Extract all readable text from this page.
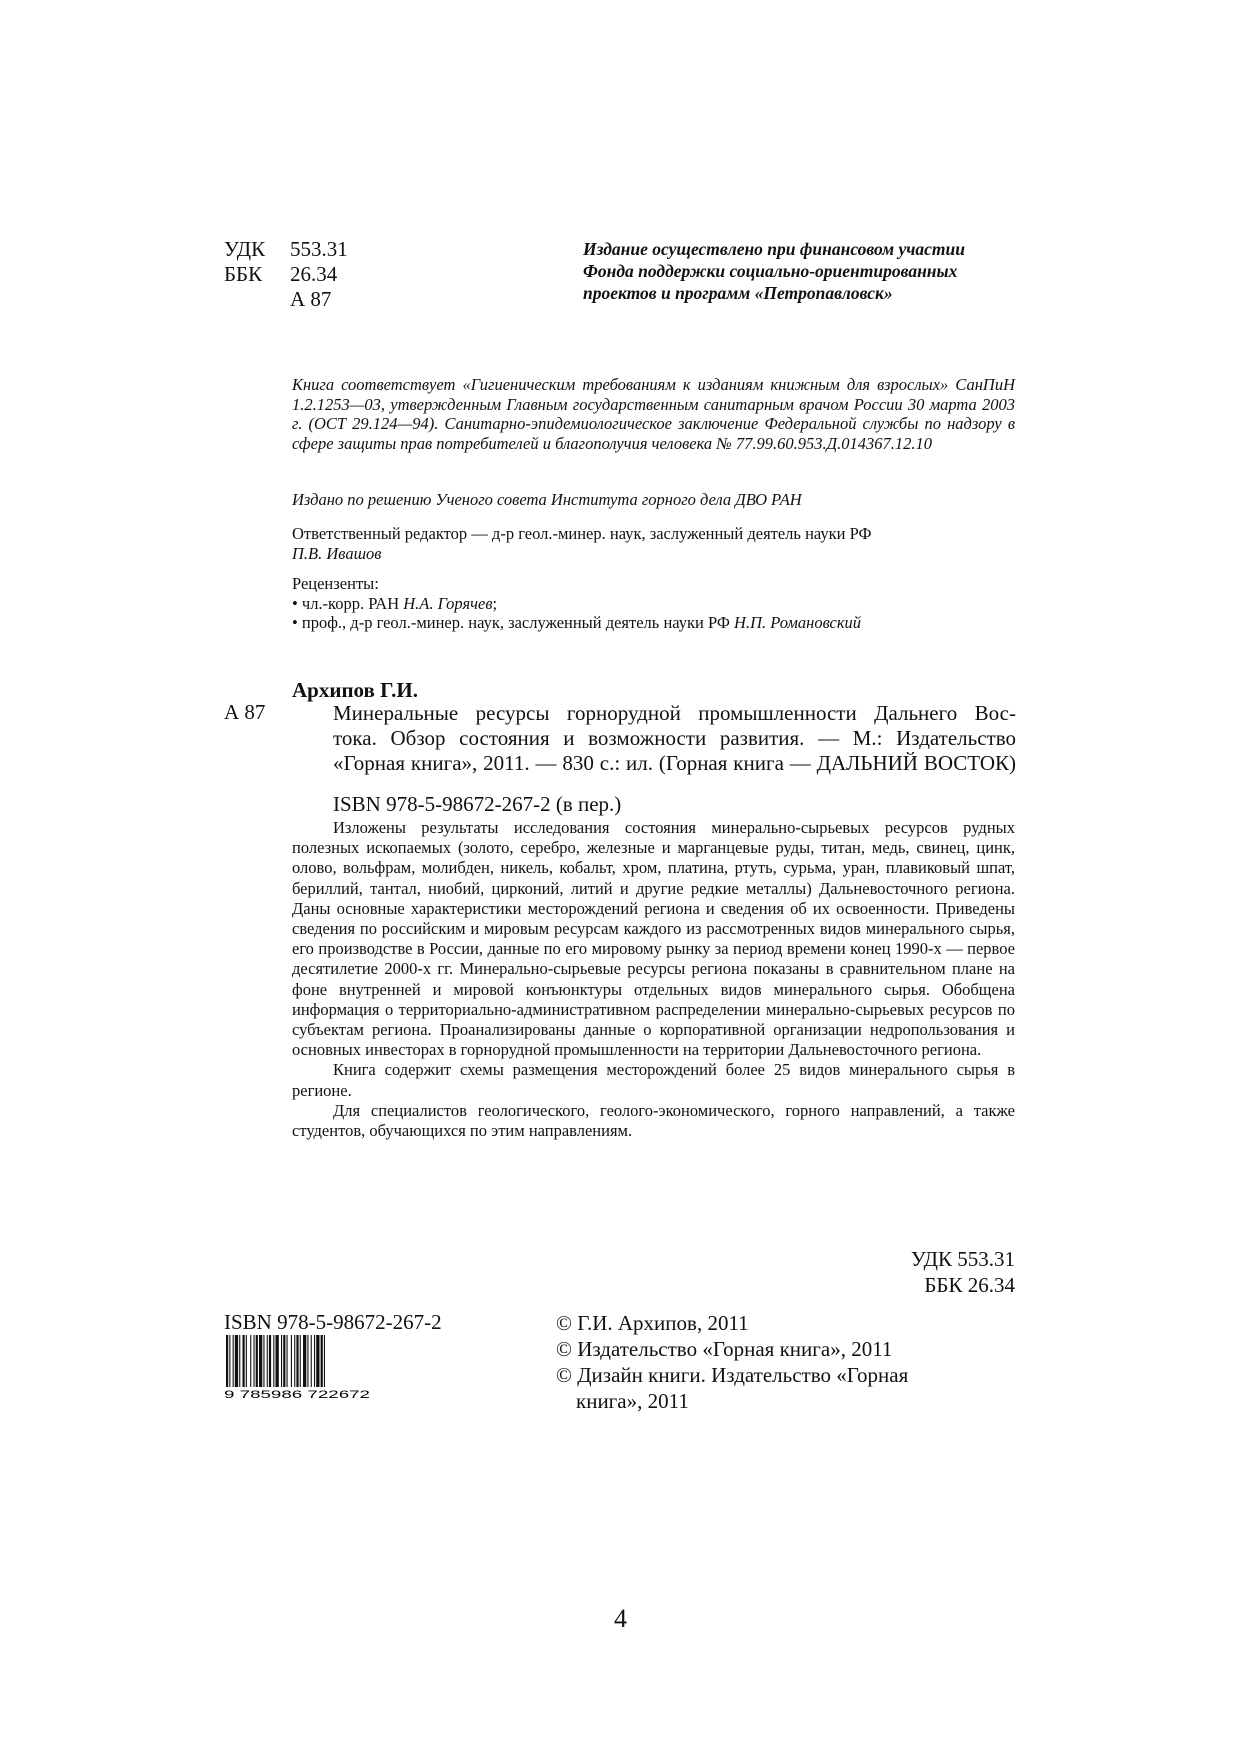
УДК	553.31
ББК	26.34
А 87
Издание осуществлено при финансовом участии
Фонда поддержки социально-ориентированных
проектов и программ «Петропавловск»
Книга соответствует «Гигиеническим требованиям к изданиям книжным для взрослых» СанПиН 1.2.1253—03, утвержденным Главным государственным санитарным врачом России 30 марта 2003 г. (ОСТ 29.124—94). Санитарно-эпидемиологическое заключение Федеральной службы по надзору в сфере защиты прав потребителей и благополучия человека № 77.99.60.953.Д.014367.12.10
Издано по решению Ученого совета Института горного дела ДВО РАН
Ответственный редактор — д-р геол.-минер. наук, заслуженный деятель науки РФ
П.В. Ивашов
Рецензенты:
• чл.-корр. РАН Н.А. Горячев;
• проф., д-р геол.-минер. наук, заслуженный деятель науки РФ Н.П. Романовский
А 87
Архипов Г.И.
Минеральные ресурсы горнорудной промышленности Дальнего Вос-
тока. Обзор состояния и возможности развития. — М.: Издательство
«Горная книга», 2011. — 830 с.: ил. (Горная книга — ДАЛЬНИЙ ВОСТОК)
ISBN 978-5-98672-267-2 (в пер.)

Изложены результаты исследования состояния минерально-сырьевых ресурсов рудных полезных ископаемых (золото, серебро, железные и марганцевые руды, титан, медь, свинец, цинк, олово, вольфрам, молибден, никель, кобальт, хром, платина, ртуть, сурьма, уран, плавиковый шпат, бериллий, тантал, ниобий, цирконий, литий и другие редкие металлы) Дальневосточного региона. Даны основные характеристики месторождений региона и сведения об их освоенности. Приведены сведения по российским и мировым ресурсам каждого из рассмотренных видов минерального сырья, его производстве в России, данные по его мировому рынку за период времени конец 1990-х — первое десятилетие 2000-х гг. Минерально-сырьевые ресурсы региона показаны в сравнительном плане на фоне внутренней и мировой конъюнктуры отдельных видов минерального сырья. Обобщена информация о территориально-административном распределении минерально-сырьевых ресурсов по субъектам региона. Проанализированы данные о корпоративной организации недропользования и основных инвесторах в горнорудной промышленности на территории Дальневосточного региона.

Книга содержит схемы размещения месторождений более 25 видов минерального сырья в регионе.

Для специалистов геологического, геолого-экономического, горного направлений, а также студентов, обучающихся по этим направлениям.

УДК 553.31
ББК 26.34
ISBN 978-5-98672-267-2
9 785986 722672
© Г.И. Архипов, 2011
© Издательство «Горная книга», 2011
© Дизайн книги. Издательство «Горная книга», 2011
4
